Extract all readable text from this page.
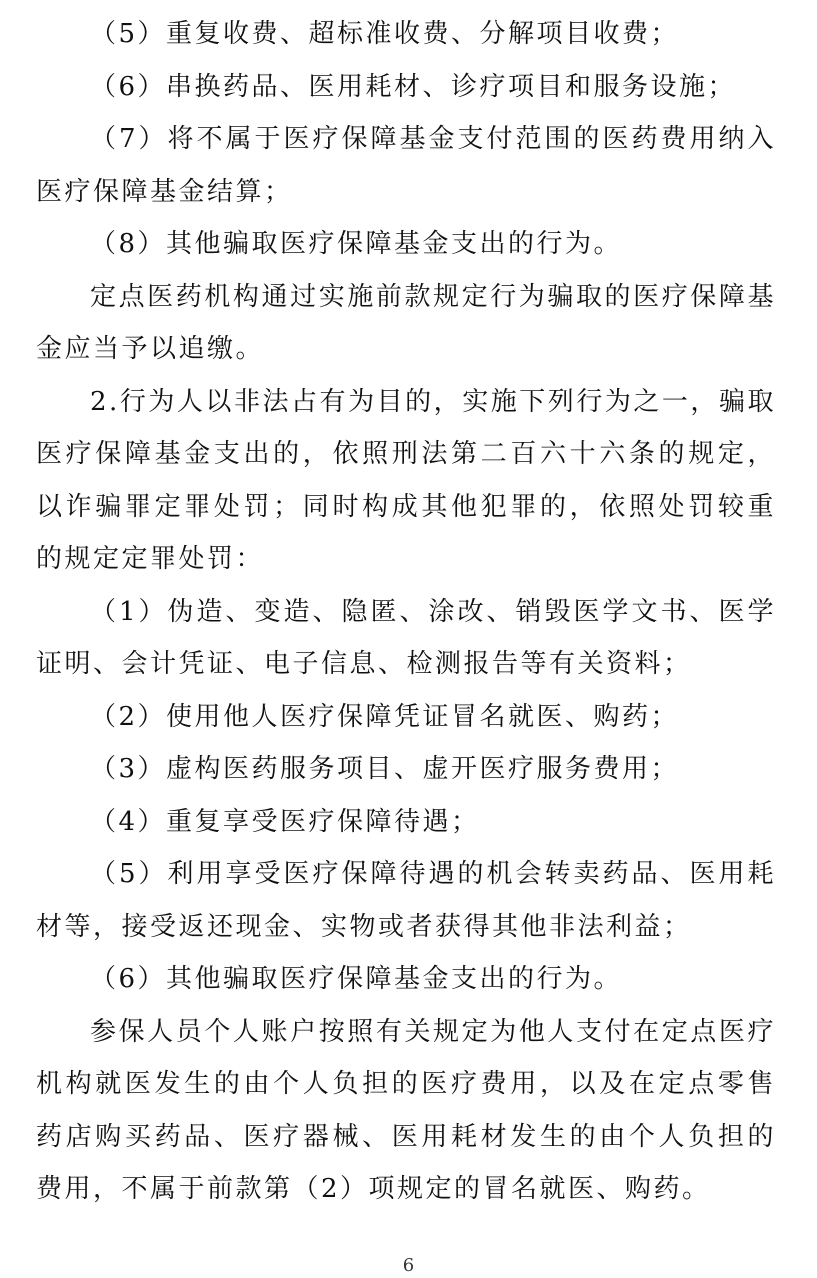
（5）重复收费、超标准收费、分解项目收费；

（6）串换药品、医用耗材、诊疗项目和服务设施；

（7）将不属于医疗保障基金支付范围的医药费用纳入医疗保障基金结算；

（8）其他骗取医疗保障基金支出的行为。

定点医药机构通过实施前款规定行为骗取的医疗保障基金应当予以追缴。

2.行为人以非法占有为目的，实施下列行为之一，骗取医疗保障基金支出的，依照刑法第二百六十六条的规定，以诈骗罪定罪处罚；同时构成其他犯罪的，依照处罚较重的规定定罪处罚：

（1）伪造、变造、隐匿、涂改、销毁医学文书、医学证明、会计凭证、电子信息、检测报告等有关资料；

（2）使用他人医疗保障凭证冒名就医、购药；

（3）虚构医药服务项目、虚开医疗服务费用；

（4）重复享受医疗保障待遇；

（5）利用享受医疗保障待遇的机会转卖药品、医用耗材等，接受返还现金、实物或者获得其他非法利益；

（6）其他骗取医疗保障基金支出的行为。

参保人员个人账户按照有关规定为他人支付在定点医疗机构就医发生的由个人负担的医疗费用，以及在定点零售药店购买药品、医疗器械、医用耗材发生的由个人负担的费用，不属于前款第（2）项规定的冒名就医、购药。

6
